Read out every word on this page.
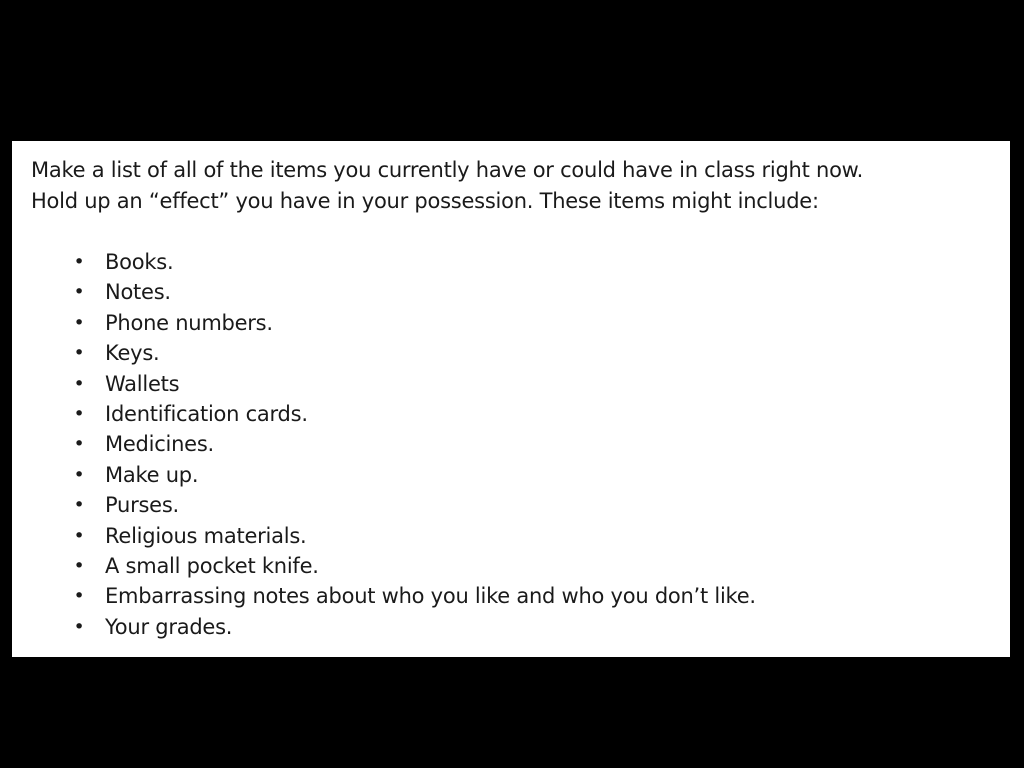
Make a list of all of the items you currently have or could have in class right now.
Hold up an “effect” you have in your possession. These items might include:

• Books.
• Notes.
• Phone numbers.
• Keys.
• Wallets
• Identification cards.
• Medicines.
• Make up.
• Purses.
• Religious materials.
• A small pocket knife.
• Embarrassing notes about who you like and who you don’t like.
• Your grades.
